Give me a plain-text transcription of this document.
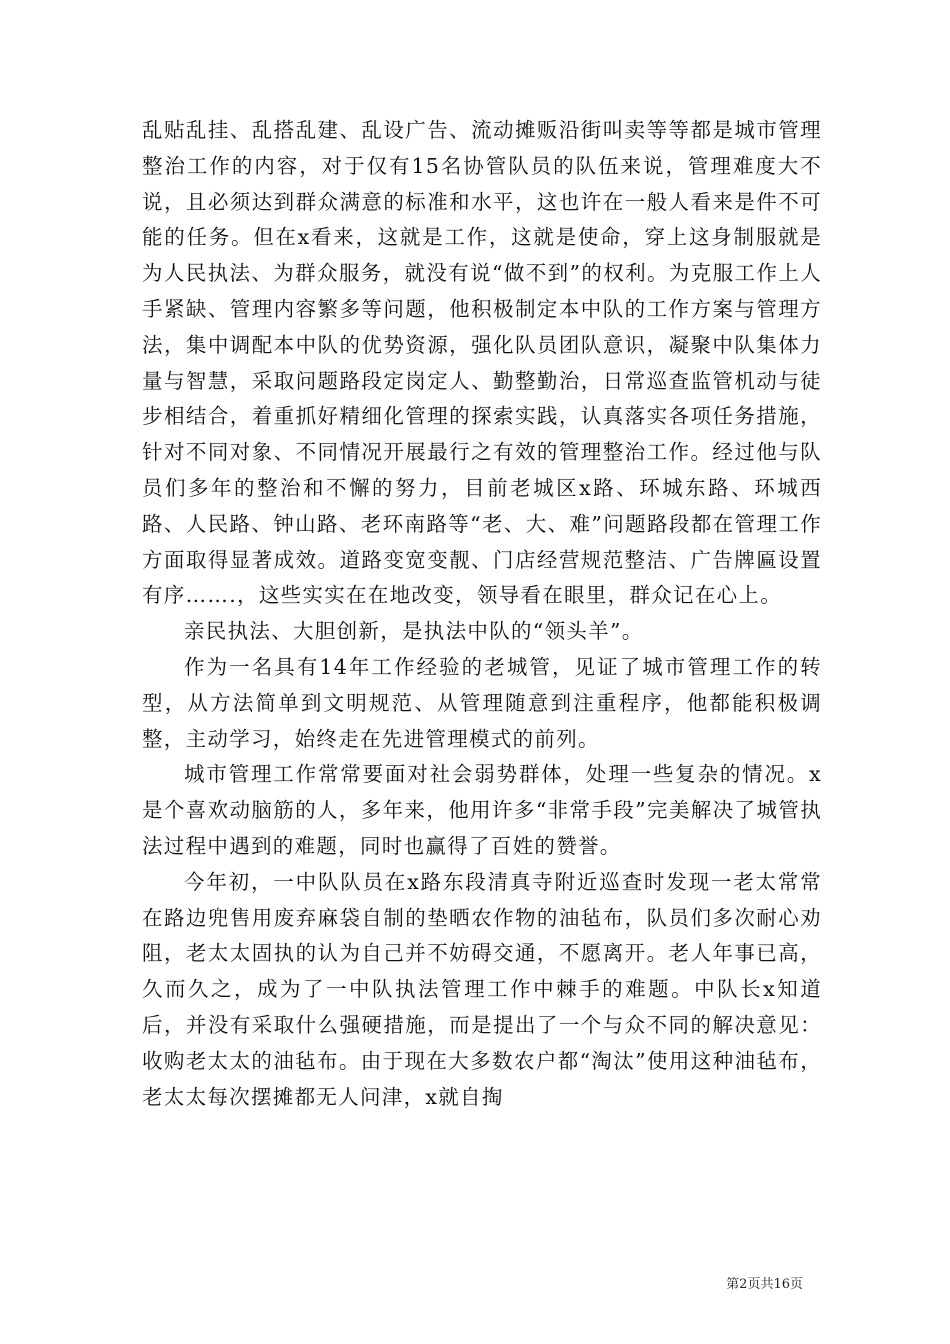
乱贴乱挂、乱搭乱建、乱设广告、流动摊贩沿街叫卖等等都是城市管理整治工作的内容，对于仅有15名协管队员的队伍来说，管理难度大不说，且必须达到群众满意的标准和水平，这也许在一般人看来是件不可能的任务。但在x看来，这就是工作，这就是使命，穿上这身制服就是为人民执法、为群众服务，就没有说“做不到”的权利。为克服工作上人手紧缺、管理内容繁多等问题，他积极制定本中队的工作方案与管理方法，集中调配本中队的优势资源，强化队员团队意识，凝聚中队集体力量与智慧，采取问题路段定岗定人、勤整勤治，日常巡查监管机动与徒步相结合，着重抓好精细化管理的探索实践，认真落实各项任务措施，针对不同对象、不同情况开展最行之有效的管理整治工作。经过他与队员们多年的整治和不懈的努力，目前老城区x路、环城东路、环城西路、人民路、钟山路、老环南路等“老、大、难”问题路段都在管理工作方面取得显著成效。道路变宽变靓、门店经营规范整洁、广告牌匾设置有序…….，这些实实在在地改变，领导看在眼里，群众记在心上。

亲民执法、大胆创新，是执法中队的“领头羊”。

作为一名具有14年工作经验的老城管，见证了城市管理工作的转型，从方法简单到文明规范、从管理随意到注重程序，他都能积极调整，主动学习，始终走在先进管理模式的前列。

城市管理工作常常要面对社会弱势群体，处理一些复杂的情况。x是个喜欢动脑筋的人，多年来，他用许多“非常手段”完美解决了城管执法过程中遇到的难题，同时也赢得了百姓的赞誉。

今年初，一中队队员在x路东段清真寺附近巡查时发现一老太常常在路边兜售用废弃麻袋自制的垫晒农作物的油毡布，队员们多次耐心劝阻，老太太固执的认为自己并不妨碍交通，不愿离开。老人年事已高，久而久之，成为了一中队执法管理工作中棘手的难题。中队长x知道后，并没有采取什么强硬措施，而是提出了一个与众不同的解决意见：收购老太太的油毡布。由于现在大多数农户都“淘汰”使用这种油毡布，老太太每次摆摊都无人问津，x就自掏

第2页共16页
